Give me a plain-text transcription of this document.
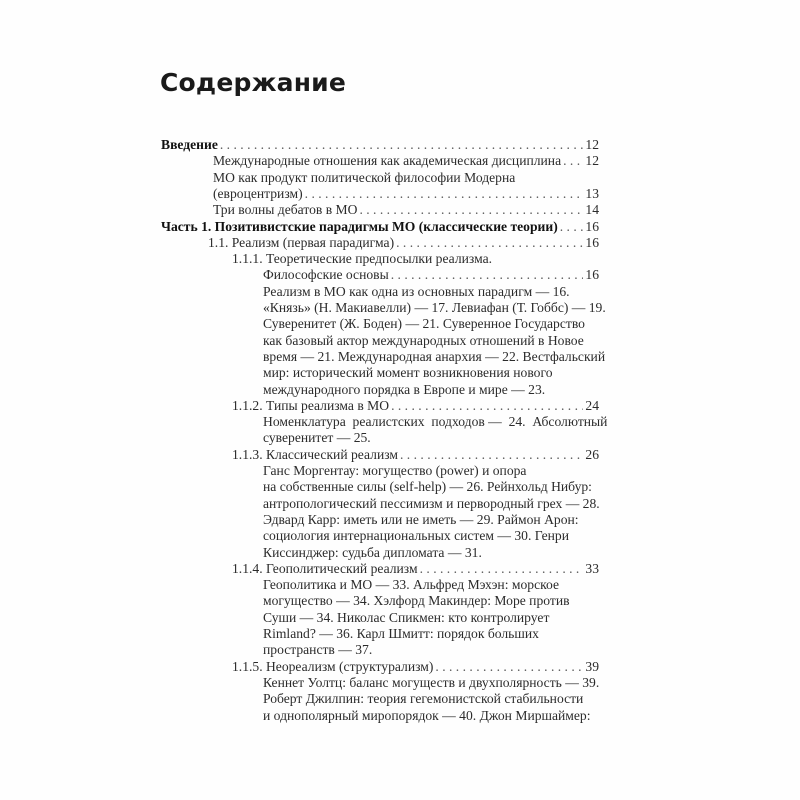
Содержание
Введение . . .	12
Международные отношения как академическая дисциплина . . . 12
МО как продукт политической философии Модерна
(евроцентризм) . . .	13
Три волны дебатов в МО . . .	14
Часть 1. Позитивистские парадигмы МО (классические теории) . . . 16
1.1. Реализм (первая парадигма) . . .	16
1.1.1. Теоретические предпосылки реализма.
Философские основы . . .	16
Реализм в МО как одна из основных парадигм — 16.
«Князь» (Н. Макиавелли) — 17. Левиафан (Т. Гоббс) — 19.
Суверенитет (Ж. Боден) — 21. Суверенное Государство
как базовый актор международных отношений в Новое
время — 21. Международная анархия — 22. Вестфальский
мир: исторический момент возникновения нового
международного порядка в Европе и мире — 23.
1.1.2. Типы реализма в МО . . .	24
Номенклатура  реалистских  подходов —  24.  Абсолютный
суверенитет — 25.
1.1.3. Классический реализм . . .	26
Ганс Моргентау: могущество (power) и опора
на собственные силы (self-help) — 26. Рейнхольд Нибур:
антропологический пессимизм и первородный грех — 28.
Эдвард Карр: иметь или не иметь — 29. Раймон Арон:
социология интернациональных систем — 30. Генри
Киссинджер: судьба дипломата — 31.
1.1.4. Геополитический реализм . . .	33
Геополитика и МО — 33. Альфред Мэхэн: морское
могущество — 34. Хэлфорд Макиндер: Море против
Суши — 34. Николас Спикмен: кто контролирует
Rimland? — 36. Карл Шмитт: порядок больших
пространств — 37.
1.1.5. Неореализм (структурализм) . . .	39
Кеннет Уолтц: баланс могуществ и двухполярность — 39.
Роберт Джилпин: теория гегемонистской стабильности
и однополярный миропорядок — 40. Джон Миршаймер:
